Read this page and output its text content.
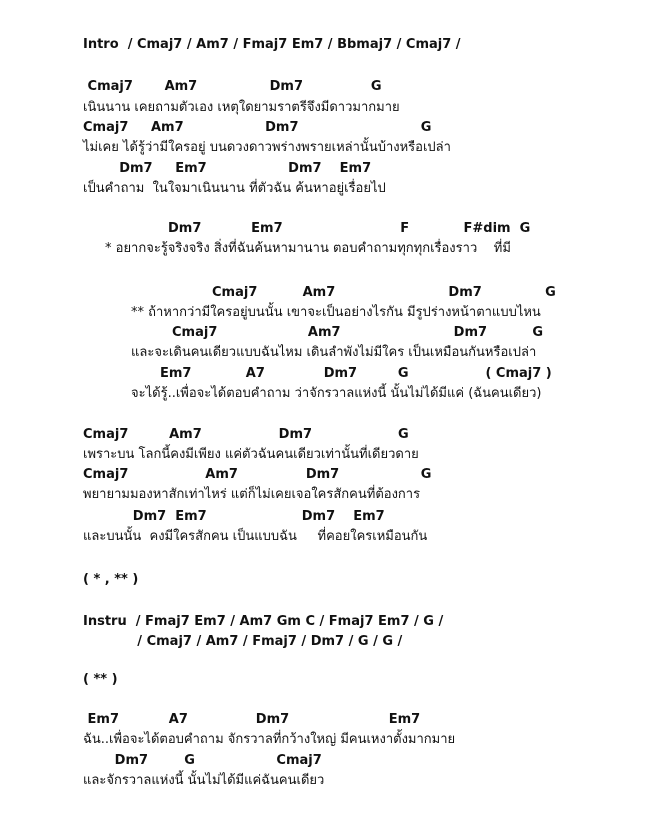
Intro  / Cmaj7 / Am7 / Fmaj7 Em7 / Bbmaj7 / Cmaj7 /
Cmaj7       Am7                Dm7               G
เนินนาน เคยถามตัวเอง เหตุใดยามราตรีจึงมีดาวมากมาย
Cmaj7     Am7                  Dm7                           G
ไม่เคย ได้รู้ว่ามีใครอยู่ บนดวงดาวพร่างพรายเหล่านั้นบ้างหรือเปล่า
Dm7     Em7                  Dm7    Em7
เป็นคำถาม  ในใจมาเนินนาน ที่ตัวฉัน ค้นหาอยู่เรื่อยไป
Dm7           Em7                          F            F#dim  G
* อยากจะรู้จริงจริง สิ่งที่ฉันค้นหามานาน ตอบคำถามทุกทุกเรื่องราว    ที่มี
Cmaj7          Am7                         Dm7              G
** ถ้าหากว่ามีใครอยู่บนนั้น เขาจะเป็นอย่างไรกัน มีรูปร่างหน้าตาแบบไหน
Cmaj7                    Am7                         Dm7          G
และจะเดินคนเดียวแบบฉันไหม เดินลำพังไม่มีใคร เป็นเหมือนกันหรือเปล่า
Em7            A7             Dm7         G                 ( Cmaj7 )
จะได้รู้..เพื่อจะได้ตอบคำถาม ว่าจักรวาลแห่งนี้ นั้นไม่ได้มีแค่ (ฉันคนเดียว)
Cmaj7         Am7                 Dm7                   G
เพราะบน โลกนี้คงมีเพียง แค่ตัวฉันคนเดียวเท่านั้นที่เดียวดาย
Cmaj7                 Am7               Dm7                  G
พยายามมองหาสักเท่าไหร่ แต่ก็ไม่เคยเจอใครสักคนที่ต้องการ
Dm7  Em7                     Dm7    Em7
และบนนั้น  คงมีใครสักคน เป็นแบบฉัน     ที่คอยใครเหมือนกัน
( * , ** )
Instru  / Fmaj7 Em7 / Am7 Gm C / Fmaj7 Em7 / G /
/ Cmaj7 / Am7 / Fmaj7 / Dm7 / G / G /
( ** )
Em7           A7               Dm7                      Em7
ฉัน..เพื่อจะได้ตอบคำถาม จักรวาลที่กว้างใหญ่ มีคนเหงาตั้งมากมาย
Dm7        G                  Cmaj7
และจักรวาลแห่งนี้ นั้นไม่ได้มีแค่ฉันคนเดียว
